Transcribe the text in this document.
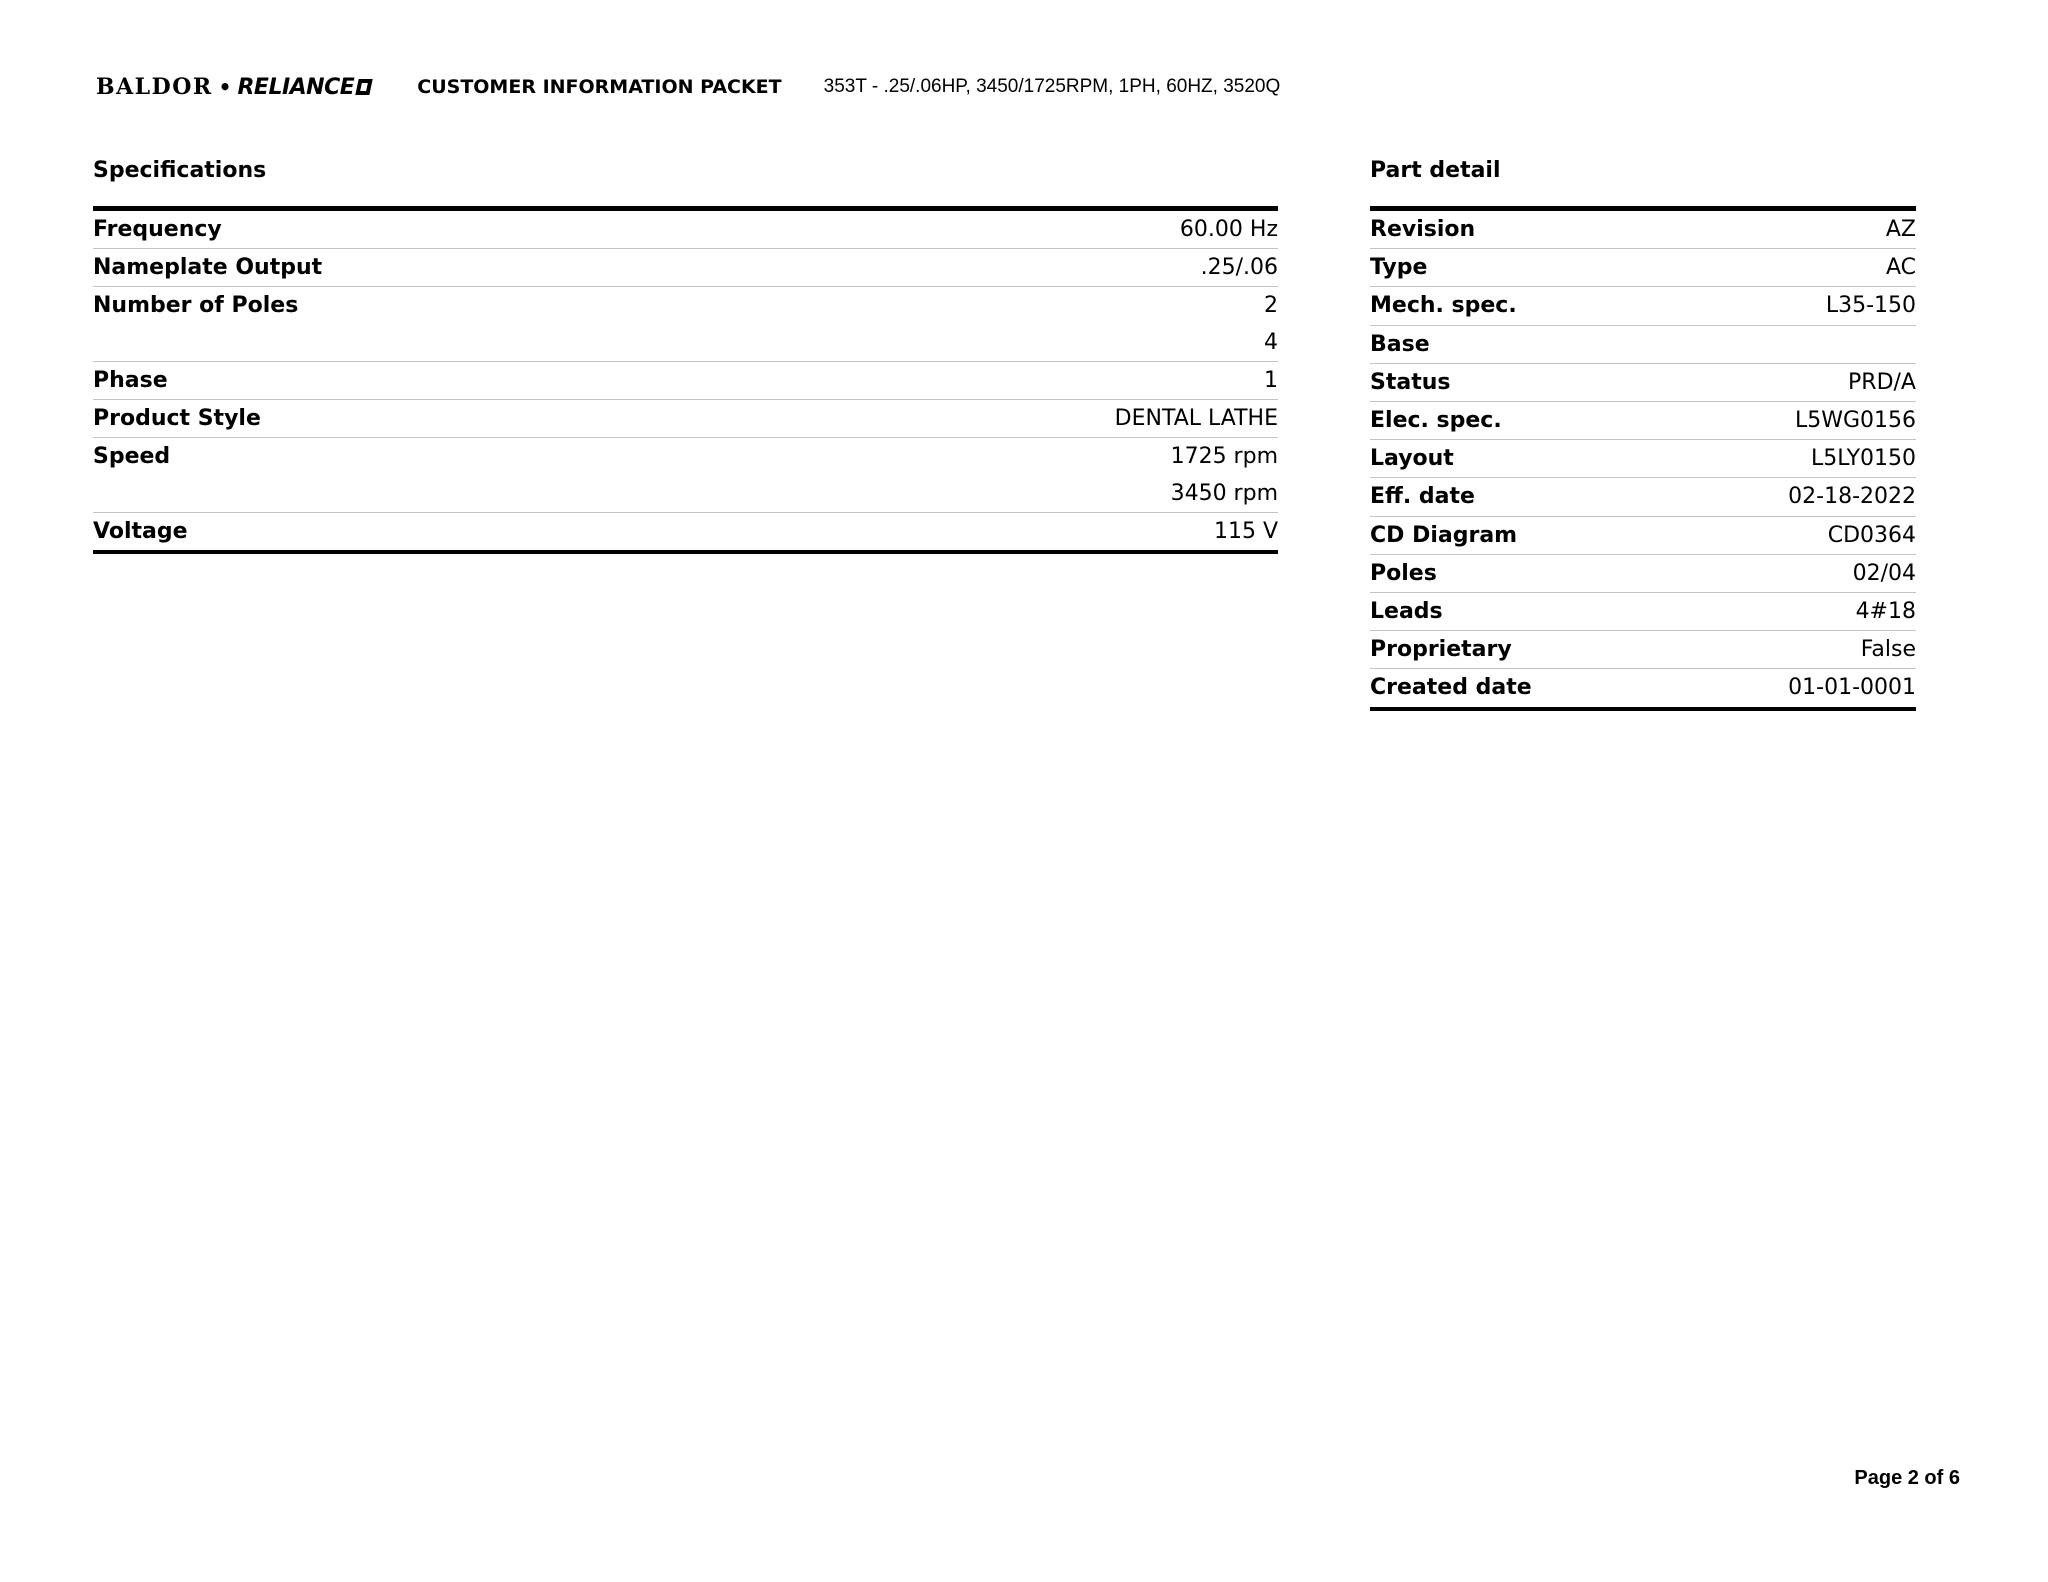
BALDOR • RELIANCE	CUSTOMER INFORMATION PACKET 353T - .25/.06HP, 3450/1725RPM, 1PH, 60HZ, 3520Q
Specifications
Frequency	60.00 Hz
Nameplate Output	.25/.06
Number of Poles	2
4
Phase	1
Product Style	DENTAL LATHE
Speed	1725 rpm
3450 rpm
Voltage	115 V
Part detail
Revision	AZ
Type	AC
Mech. spec.	L35-150
Base

Status	PRD/A
Elec. spec.	L5WG0156
Layout	L5LY0150
Eff. date	02-18-2022
CD Diagram	CD0364
Poles	02/04
Leads	4#18
Proprietary	False
Created date	01-01-0001
Page 2 of 6
